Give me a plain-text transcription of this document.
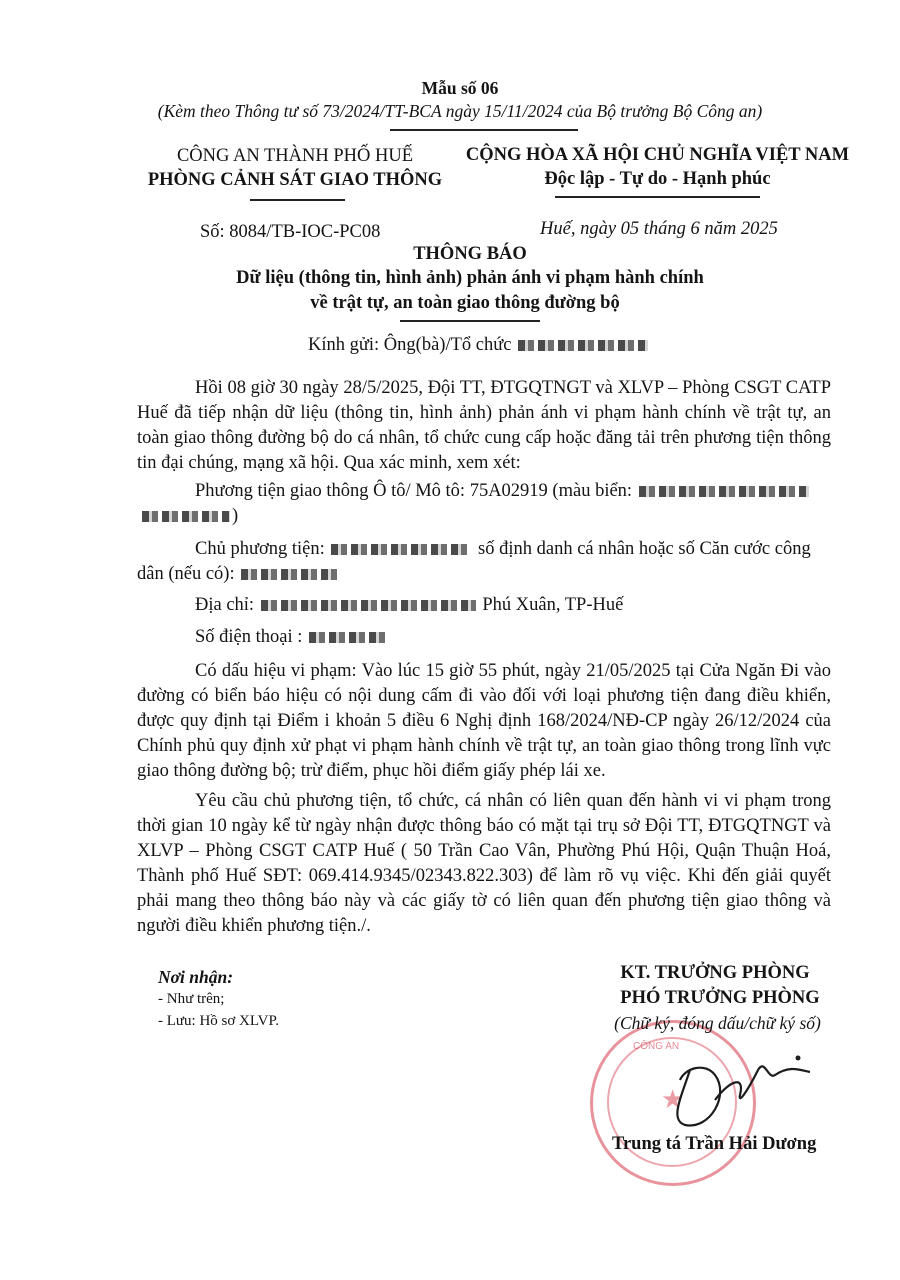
Mẫu số 06
(Kèm theo Thông tư số 73/2024/TT-BCA ngày 15/11/2024 của Bộ trưởng Bộ Công an)
CÔNG AN THÀNH PHỐ HUẾ
PHÒNG CẢNH SÁT GIAO THÔNG
CỘNG HÒA XÃ HỘI CHỦ NGHĨA VIỆT NAM
Độc lập - Tự do - Hạnh phúc
Số: 8084/TB-IOC-PC08	Huế, ngày 05 tháng 6 năm 2025
THÔNG BÁO
Dữ liệu (thông tin, hình ảnh) phản ánh vi phạm hành chính
về trật tự, an toàn giao thông đường bộ
Kính gửi: Ông(bà)/Tổ chức
Hồi 08 giờ 30 ngày 28/5/2025, Đội TT, ĐTGQTNGT và XLVP – Phòng CSGT CATP Huế đã tiếp nhận dữ liệu (thông tin, hình ảnh) phản ánh vi phạm hành chính về trật tự, an toàn giao thông đường bộ do cá nhân, tổ chức cung cấp hoặc đăng tải trên phương tiện thông tin đại chúng, mạng xã hội. Qua xác minh, xem xét:
Phương tiện giao thông Ô tô/ Mô tô: 75A02919 (màu biển:
)
Chủ phương tiện:	số định danh cá nhân hoặc số Căn cước công
dân (nếu có):
Địa chỉ:	Phú Xuân, TP-Huế
Số điện thoại :
Có dấu hiệu vi phạm: Vào lúc 15 giờ 55 phút, ngày 21/05/2025 tại Cửa Ngăn Đi vào đường có biển báo hiệu có nội dung cấm đi vào đối với loại phương tiện đang điều khiển, được quy định tại Điểm i khoản 5 điều 6 Nghị định 168/2024/NĐ-CP ngày 26/12/2024 của Chính phủ quy định xử phạt vi phạm hành chính về trật tự, an toàn giao thông trong lĩnh vực giao thông đường bộ; trừ điểm, phục hồi điểm giấy phép lái xe.
Yêu cầu chủ phương tiện, tổ chức, cá nhân có liên quan đến hành vi vi phạm trong thời gian 10 ngày kể từ ngày nhận được thông báo có mặt tại trụ sở Đội TT, ĐTGQTNGT và XLVP – Phòng CSGT CATP Huế ( 50 Trần Cao Vân, Phường Phú Hội, Quận Thuận Hoá, Thành phố Huế SĐT: 069.414.9345/02343.822.303) để làm rõ vụ việc. Khi đến giải quyết phải mang theo thông báo này và các giấy tờ có liên quan đến phương tiện giao thông và người điều khiển phương tiện./.
Nơi nhận:
- Như trên;
- Lưu: Hồ sơ XLVP.
CÔNG AN
★
KT. TRƯỞNG PHÒNG
PHÓ TRƯỞNG PHÒNG
(Chữ ký, đóng dấu/chữ ký số)
Trung tá Trần Hải Dương
